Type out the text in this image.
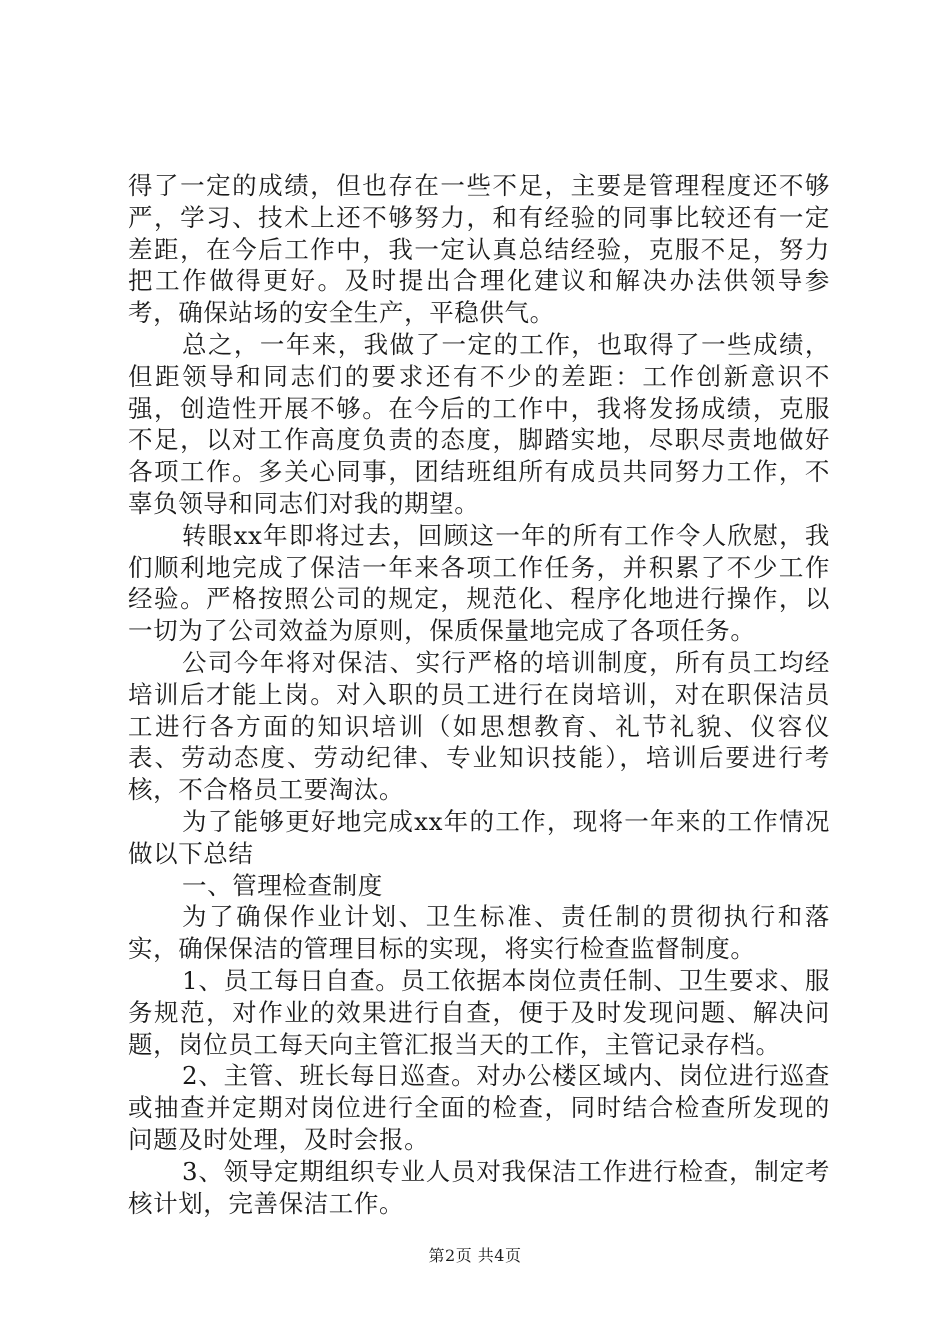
得了一定的成绩，但也存在一些不足，主要是管理程度还不够严，学习、技术上还不够努力，和有经验的同事比较还有一定差距，在今后工作中，我一定认真总结经验，克服不足，努力把工作做得更好。及时提出合理化建议和解决办法供领导参考，确保站场的安全生产，平稳供气。

总之，一年来，我做了一定的工作，也取得了一些成绩，但距领导和同志们的要求还有不少的差距：工作创新意识不强，创造性开展不够。在今后的工作中，我将发扬成绩，克服不足，以对工作高度负责的态度，脚踏实地，尽职尽责地做好各项工作。多关心同事，团结班组所有成员共同努力工作，不辜负领导和同志们对我的期望。

转眼xx年即将过去，回顾这一年的所有工作令人欣慰，我们顺利地完成了保洁一年来各项工作任务，并积累了不少工作经验。严格按照公司的规定，规范化、程序化地进行操作，以一切为了公司效益为原则，保质保量地完成了各项任务。

公司今年将对保洁、实行严格的培训制度，所有员工均经培训后才能上岗。对入职的员工进行在岗培训，对在职保洁员工进行各方面的知识培训（如思想教育、礼节礼貌、仪容仪表、劳动态度、劳动纪律、专业知识技能），培训后要进行考核，不合格员工要淘汰。

为了能够更好地完成xx年的工作，现将一年来的工作情况做以下总结

一、管理检查制度

为了确保作业计划、卫生标准、责任制的贯彻执行和落实，确保保洁的管理目标的实现，将实行检查监督制度。

1、员工每日自查。员工依据本岗位责任制、卫生要求、服务规范，对作业的效果进行自查，便于及时发现问题、解决问题，岗位员工每天向主管汇报当天的工作，主管记录存档。

2、主管、班长每日巡查。对办公楼区域内、岗位进行巡查或抽查并定期对岗位进行全面的检查，同时结合检查所发现的问题及时处理，及时会报。

3、领导定期组织专业人员对我保洁工作进行检查，制定考核计划，完善保洁工作。

第2页 共4页
